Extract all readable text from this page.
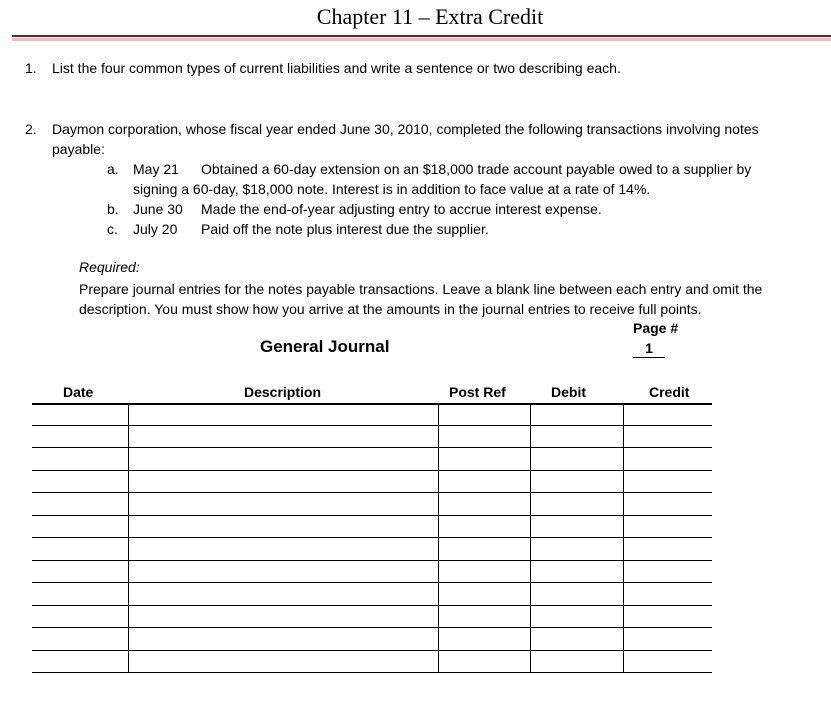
Chapter 11 – Extra Credit
1. List the four common types of current liabilities and write a sentence or two describing each.
2. Daymon corporation, whose fiscal year ended June 30, 2010, completed the following transactions involving notes
payable:
a. May 21 Obtained a 60-day extension on an $18,000 trade account payable owed to a supplier by
signing a 60-day, $18,000 note. Interest is in addition to face value at a rate of 14%.
b. June 30 Made the end-of-year adjusting entry to accrue interest expense.
c. July 20 Paid off the note plus interest due the supplier.
Required:
Prepare journal entries for the notes payable transactions. Leave a blank line between each entry and omit the
description. You must show how you arrive at the amounts in the journal entries to receive full points.
Page #
1
General Journal
Date	Description	Post Ref	Debit	Credit
